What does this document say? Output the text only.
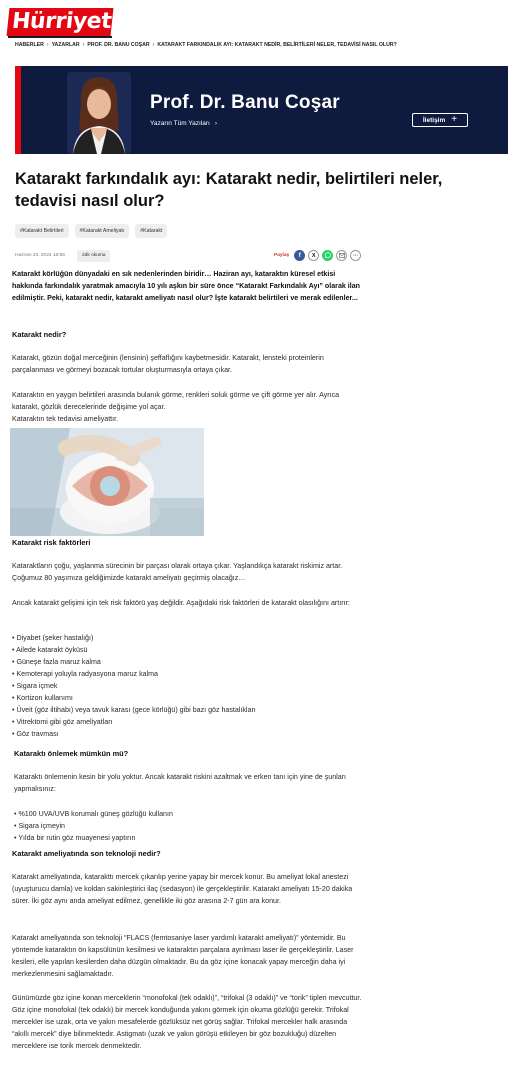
Hürriyet
HABERLER › YAZARLAR › PROF. DR. BANU COŞAR › KATARAKT FARKINDALIK AYI: KATARAKT NEDİR, BELİRTİLERİ NELER, TEDAVİSİ NASIL OLUR?
Prof. Dr. Banu Coşar
Yazarın Tüm Yazıları ›	İletişim +
Katarakt farkındalık ayı: Katarakt nedir, belirtileri neler, tedavisi nasıl olur?
#Katarakt Belirtileri	#Katarakt Ameliyatı	#Katarakt
Haziran 23, 2024 16:56	2dk okuma	Paylaş	f	X	···

Katarakt körlüğün dünyadaki en sık nedenlerinden biridir… Haziran ayı, kataraktın küresel etkisi hakkında farkındalık yaratmak amacıyla 10 yılı aşkın bir süre önce “Katarakt Farkındalık Ayı” olarak ilan edilmiştir. Peki, katarakt nedir, katarakt ameliyatı nasıl olur? İşte katarakt belirtileri ve merak edilenler...

Katarakt nedir?

Katarakt, gözün doğal merceğinin (lensinin) şeffaflığını kaybetmesidir. Katarakt, lensteki proteinlerin parçalanması ve görmeyi bozacak tortular oluşturmasıyla ortaya çıkar.

Kataraktın en yaygın belirtileri arasında bulanık görme, renkleri soluk görme ve çift görme yer alır. Ayrıca katarakt, gözlük derecelerinde değişime yol açar.

Kataraktın tek tedavisi ameliyattır.

Katarakt risk faktörleri

Kataraktların çoğu, yaşlanma sürecinin bir parçası olarak ortaya çıkar. Yaşlandıkça katarakt riskimiz artar. Çoğumuz 80 yaşımıza geldiğimizde katarakt ameliyatı geçirmiş olacağız…

Ancak katarakt gelişimi için tek risk faktörü yaş değildir. Aşağıdaki risk faktörleri de katarakt olasılığını artırır:

• Diyabet (şeker hastalığı)
• Ailede katarakt öyküsü
• Güneşe fazla maruz kalma
• Kemoterapi yoluyla radyasyona maruz kalma
• Sigara içmek
• Kortizon kullanımı
• Üveit (göz iltihabı) veya tavuk karası (gece körlüğü) gibi bazı göz hastalıkları
• Vitrektomi gibi göz ameliyatları
• Göz travması
Kataraktı önlemek mümkün mü?

Kataraktı önlemenin kesin bir yolu yoktur. Ancak katarakt riskini azaltmak ve erken tanı için yine de şunları yapmalısınız:

• %100 UVA/UVB korumalı güneş gözlüğü kullanın
• Sigara içmeyin
• Yılda bir rutin göz muayenesi yaptırın
Katarakt ameliyatında son teknoloji nedir?

Katarakt ameliyatında, katarakttı mercek çıkarılıp yerine yapay bir mercek konur. Bu ameliyat lokal anestezi (uyuşturucu damla) ve koldan sakinleştirici ilaç (sedasyon) ile gerçekleştirilir. Katarakt ameliyatı 15-20 dakika sürer. İki göz aynı anda ameliyat edilmez, genellikle iki göz arasına 2-7 gün ara konur.

Katarakt ameliyatında son teknoloji “FLACS (femtosaniye laser yardımlı katarakt ameliyatı)” yöntemidir. Bu yöntemde kataraktın ön kapsülünün kesilmesi ve kataraktın parçalara ayrılması laser ile gerçekleştirilir. Laser kesileri, elle yapılan kesilerden daha düzgün olmaktadır. Bu da göz içine konacak yapay merceğin daha iyi merkezlenmesini sağlamaktadır.

Günümüzde göz içine konan merceklerin “monofokal (tek odaklı)”, “trifokal (3 odaklı)” ve “torik” tipleri mevcuttur. Göz içine monofokal (tek odaklı) bir mercek konduğunda yakını görmek için okuma gözlüğü gerekir. Trifokal mercekler ise uzak, orta ve yakın mesafelerde gözlüksüz net görüş sağlar. Trifokal mercekler halk arasında “akıllı mercek” diye bilinmektedir. Astigmatı (uzak ve yakın görüşü etkileyen bir göz bozukluğu) düzelten merceklere ise torik mercek denmektedir.
